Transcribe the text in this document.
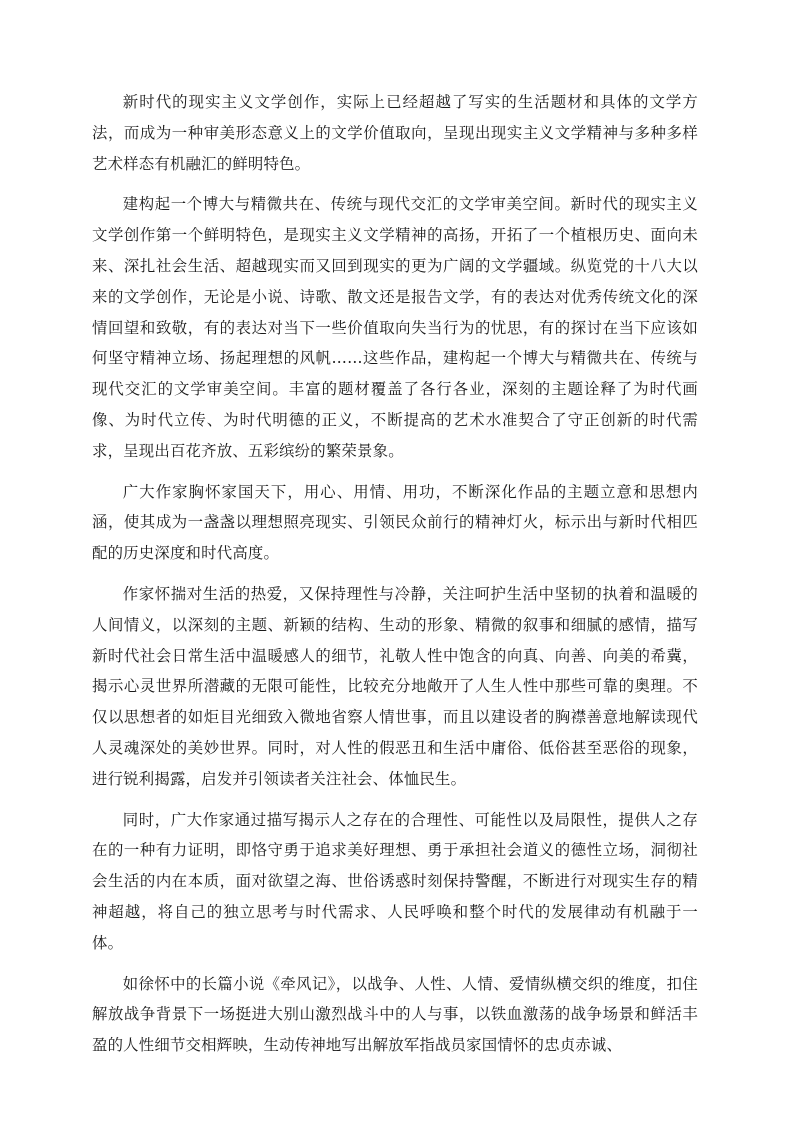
新时代的现实主义文学创作，实际上已经超越了写实的生活题材和具体的文学方法，而成为一种审美形态意义上的文学价值取向，呈现出现实主义文学精神与多种多样艺术样态有机融汇的鲜明特色。

建构起一个博大与精微共在、传统与现代交汇的文学审美空间。新时代的现实主义文学创作第一个鲜明特色，是现实主义文学精神的高扬，开拓了一个植根历史、面向未来、深扎社会生活、超越现实而又回到现实的更为广阔的文学疆域。纵览党的十八大以来的文学创作，无论是小说、诗歌、散文还是报告文学，有的表达对优秀传统文化的深情回望和致敬，有的表达对当下一些价值取向失当行为的忧思，有的探讨在当下应该如何坚守精神立场、扬起理想的风帆……这些作品，建构起一个博大与精微共在、传统与现代交汇的文学审美空间。丰富的题材覆盖了各行各业，深刻的主题诠释了为时代画像、为时代立传、为时代明德的正义，不断提高的艺术水准契合了守正创新的时代需求，呈现出百花齐放、五彩缤纷的繁荣景象。

广大作家胸怀家国天下，用心、用情、用功，不断深化作品的主题立意和思想内涵，使其成为一盏盏以理想照亮现实、引领民众前行的精神灯火，标示出与新时代相匹配的历史深度和时代高度。

作家怀揣对生活的热爱，又保持理性与冷静，关注呵护生活中坚韧的执着和温暖的人间情义，以深刻的主题、新颖的结构、生动的形象、精微的叙事和细腻的感情，描写新时代社会日常生活中温暖感人的细节，礼敬人性中饱含的向真、向善、向美的希冀，揭示心灵世界所潜藏的无限可能性，比较充分地敞开了人生人性中那些可靠的奥理。不仅以思想者的如炬目光细致入微地省察人情世事，而且以建设者的胸襟善意地解读现代人灵魂深处的美妙世界。同时，对人性的假恶丑和生活中庸俗、低俗甚至恶俗的现象，进行锐利揭露，启发并引领读者关注社会、体恤民生。

同时，广大作家通过描写揭示人之存在的合理性、可能性以及局限性，提供人之存在的一种有力证明，即恪守勇于追求美好理想、勇于承担社会道义的德性立场，洞彻社会生活的内在本质，面对欲望之海、世俗诱惑时刻保持警醒，不断进行对现实生存的精神超越，将自己的独立思考与时代需求、人民呼唤和整个时代的发展律动有机融于一体。

如徐怀中的长篇小说《牵风记》，以战争、人性、人情、爱情纵横交织的维度，扣住解放战争背景下一场挺进大别山激烈战斗中的人与事，以铁血激荡的战争场景和鲜活丰盈的人性细节交相辉映，生动传神地写出解放军指战员家国情怀的忠贞赤诚、
